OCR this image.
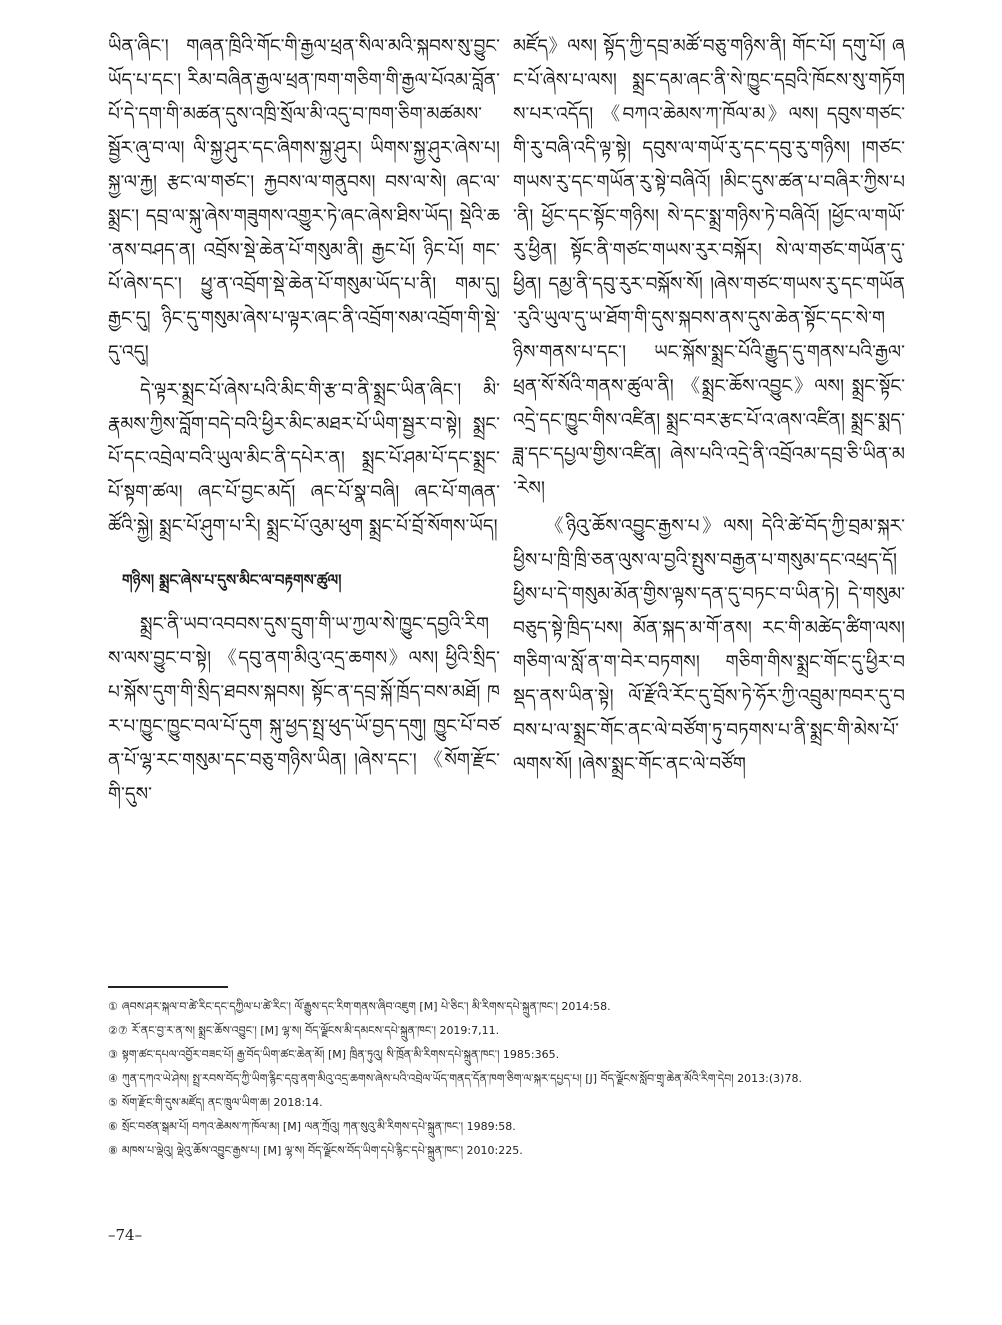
ཡིན་ཞིང་། གཞན་ཁྲིའི་གོང་གི་རྒྱལ་ཕྲན་སིལ་མའི་སྐབས་སུ་བྱུང་ཡོད་པ་དང་། རིམ་བཞིན་རྒྱལ་ཕྲན་ཁག་གཅིག་གི་རྒྱལ་པོའམ་བློན་པོ་དེ་དག་གི་མཚན་དུས་འཁྲི་སྲོལ་མི་འདུ་བ་ཁག་ཅིག་མཚམས་སྦྱོར་ཞུ་བ་ལ། ལི་སྐྱ་ཤུར་དང་ཞིགས་སྐྱ་ཤུར། ཡིགས་སྐྱ་ཤུར་ཞེས་པ། སྐྱ་ལ་རྐྱ། རྩང་ལ་གཙང་། རྐྱབས་ལ་གནུབས། བས་ལ་སེ། ཞང་ལ་སྨྲང་། དབྲ་ལ་སྐུ་ཞེས་གཟུགས་འགྱུར་ཏེ་ཞང་ཞེས་ཐིས་ཡོད། སྡེའི་ཆ་ནས་བཤད་ན། འབྲོས་སྡེ་ཆེན་པོ་གསུམ་ནི། རྒྱང་པོ། ཉིང་པོ། གང་པོ་ཞེས་དང་། ཕྱུ་ན་འབྲོག་སྡེ་ཆེན་པོ་གསུམ་ཡོད་པ་ནི། གམ་དུ། རྒྱང་དུ། ཉིང་དུ་གསུམ་ཞེས་པ་ལྟར་ཞང་ནི་འབྲོག་སམ་འབྲོག་གི་སྡེ་དུ་འདུ།

དེ་ལྟར་སྨྲང་པོ་ཞེས་པའི་མིང་གི་རྩ་བ་ནི་སྨྲང་ཡིན་ཞིང་། མི་རྣམས་ཀྱིས་བློག་བདེ་བའི་ཕྱིར་མིང་མཐར་པོ་ཡིག་སྦྱར་བ་སྟེ། སྨྲང་པོ་དང་འབྲེལ་བའི་ཡུལ་མིང་ནི་དཔེར་ན། སྨྲང་པོ་ཤམ་པོ་དང་སྨྲང་པོ་སྟག་ཚལ། ཞང་པོ་བྱང་མདོ། ཞང་པོ་སྣ་བཞི། ཞང་པོ་གཞན་ཚོའི་སྐྱེ། སྨྲང་པོ་ཤུག་པ་རི། སྨྲང་པོ་འུམ་ཕུག སྨྲང་པོ་བྲོ་སོགས་ཡོད།

གཉིས། སྨྲང་ཞེས་པ་དུས་མིང་ལ་བརྟགས་ཚུལ།

སྨྲང་ནི་ཡབ་འབབས་དུས་དྲུག་གི་ཡ་ཀྱལ་སེ་ཁྱུང་དབྱའི་རིགས་ལས་བྱུང་བ་སྟེ། 《དབུ་ནག་མིའུ་འདྲ་ཆགས》ལས། ཕྱིའི་སྲིད་པ་སྐོས་དུག་གི་སྲིད་ཐབས་སྐབས། སྟོང་ན་དབྲ་སྐོ་ཁྲོད་བས་མཐོ། ཁར་པ་ཁྱུང་ཁྱུང་བལ་པོ་དུག སྐུ་ཕྱད་སྤྲ་ཕུད་ཡོ་བྱད་དགུ། ཁྱུང་པོ་བཙན་པོ་ལྷ་རང་གསུམ་དང་བཅུ་གཉིས་ཡིན། །ཞེས་དང་། 《སོག་རྫོང་གི་དུས་

མཛོད》ལས། སྟོད་ཀྱི་དབྲ་མཚོ་བཅུ་གཉིས་ནི། གོང་པོ། དགུ་པོ། ཞང་པོ་ཞེས་པ་ལས། སྨྲང་དམ་ཞང་ནི་སེ་ཁྱུང་དབྲའི་ཁོངས་སུ་གཏོགས་པར་འདོད། 《བཀའ་ཆེམས་ཀ་ཁོལ་མ》ལས། དབུས་གཙང་གི་རུ་བཞི་འདི་ལྟ་སྟེ། དབུས་ལ་གཡོ་རུ་དང་དབུ་རུ་གཉིས། །གཙང་གཡས་རུ་དང་གཡོན་རུ་སྟེ་བཞིའོ། །མིང་དུས་ཚན་པ་བཞིར་ཀྱིས་པ་ནི། ཕྱོང་དང་སྟོང་གཉིས། སེ་དང་སྨྲ་གཉིས་ཏེ་བཞིའོ། །ཕྱོང་ལ་གཡོ་རུ་ཕྱིན། སྟོང་ནི་གཙང་གཡས་རུར་བསྐོར། སེ་ལ་གཙང་གཡོན་དུ་ཕྱིན། དམྱ་ནི་དབུ་རུར་བསྐོས་སོ། །ཞེས་གཙང་གཡས་རུ་དང་གཡོན་རུའི་ཡུལ་དུ་ཡ་ཐོག་གི་དུས་སྐབས་ནས་དུས་ཆེན་སྟོང་དང་སེ་གཉིས་གནས་པ་དང་། ཡང་སྐོས་སྨྲང་པོའི་རྒྱུད་དུ་གནས་པའི་རྒྱལ་ཕྲན་སོ་སོའི་གནས་ཚུལ་ནི། 《སྨྲང་ཆོས་འབྱུང》ལས། སྨྲང་སྟོང་འདྲེ་དང་ཁྱུང་གིས་འཛིན། སྨྲང་བར་རྩང་པོ་འ་ཞས་འཛིན། སྨྲང་སྨད་ཟླ་དང་དཔྱལ་གྱིས་འཛིན། ཞེས་པའི་འདྲེ་ནི་འབྲོའམ་དབྲ་ཅི་ཡིན་མ་རེས།

《ཉིའུ་ཆོས་འབྱུང་རྒྱས་པ》ལས། དེའི་ཚེ་བོད་ཀྱི་བྲམ་སྐར་ཕྱིས་པ་ཁྲི་ཁྲི་ཅན་ལུས་ལ་བྱའི་སྤུས་བརྒྱན་པ་གསུམ་དང་འཕྲད་དོ། ཕྱིས་པ་དེ་གསུམ་མོན་གྱིས་ལྟས་དན་དུ་བཏང་བ་ཡིན་ཏེ། དེ་གསུམ་བཅུད་སྟེ་ཁྲིད་པས། མོན་སྐད་མ་གོ་ནས། རང་གི་མཚེད་ཚིག་ལས། གཅིག་ལ་སློ་ན་ག་བེར་བཏགས། གཅིག་གིས་སྨྲང་གོང་དུ་ཕྱིར་བསྡད་ནས་ཡིན་སྟེ། ལོ་རྫོའི་རོང་དུ་བྲོས་ཏེ་ཧོར་ཀྱི་འབྲུམ་ཁབར་དུ་བབས་པ་ལ་སྨྲང་གོང་ནང་ལེ་བཙོག་ཏུ་བཏགས་པ་ནི་སྨྲང་གི་མེས་པོ་ལགས་སོ། །ཞེས་སྨྲང་གོང་ནང་ལེ་བཙོག

① ཞབས་ཤར་སྐལ་བ་ཚེ་རིང་དང་དཀྱིལ་པ་ཚེ་རིང་། ལོ་རྒྱུས་དང་རིག་གནས་ཞིབ་འཇུག [M] པེ་ཅིང་། མི་རིགས་དཔེ་སྐྲུན་ཁང་། 2014:58.
②⑦ རོ་ནང་བྱ་ར་ན་ས། སྨྲང་ཆོས་འབྱུང་། [M] ལྷ་ས། བོད་ལྗོངས་མི་དམངས་དཔེ་སྐྲུན་ཁང་། 2019:7,11.
③ སྟག་ཚང་དཔལ་འབྱོར་བཟང་པོ། རྒྱ་བོད་ཡིག་ཚང་ཆེན་མོ། [M] ཁྲིན་ཏུའུ། སི་ཁྲོན་མི་རིགས་དཔེ་སྐྲུན་ཁང་། 1985:365.
④ ཀུན་དཀའ་ཡེ་ཤེས། སྤྲ་རབས་བོད་ཀྱི་ཡིག་རྙིང་དབུ་ནག་མིའུ་འདྲ་ཆགས་ཞེས་པའི་འབྲེལ་ཡོད་གནད་དོན་ཁག་ཅིག་ལ་སྐར་དཔྱད་པ། [J] བོད་ལྗོངས་སློབ་གྲྭ་ཆེན་མོའི་རིག་དེབ། 2013:(3)78.
⑤ སོག་རྫོང་གི་དུས་མཛོད། ནང་ཁྲུལ་ཡིག་ཆ། 2018:14.
⑥ སྲོང་བཙན་སྒམ་པོ། བཀའ་ཆེམས་ཀ་ཁོལ་མ། [M] ལན་ཀྲོའུ། ཀན་སུའུ་མི་རིགས་དཔེ་སྐྲུན་ཁང་། 1989:58.
⑧ མཁས་པ་ལྡེའུ། ལྡེའུ་ཆོས་འབྱུང་རྒྱས་པ། [M] ལྷ་ས། བོད་ལྗོངས་བོད་ཡིག་དཔེ་རྙིང་དཔེ་སྐྲུན་ཁང་། 2010:225.
–74–
